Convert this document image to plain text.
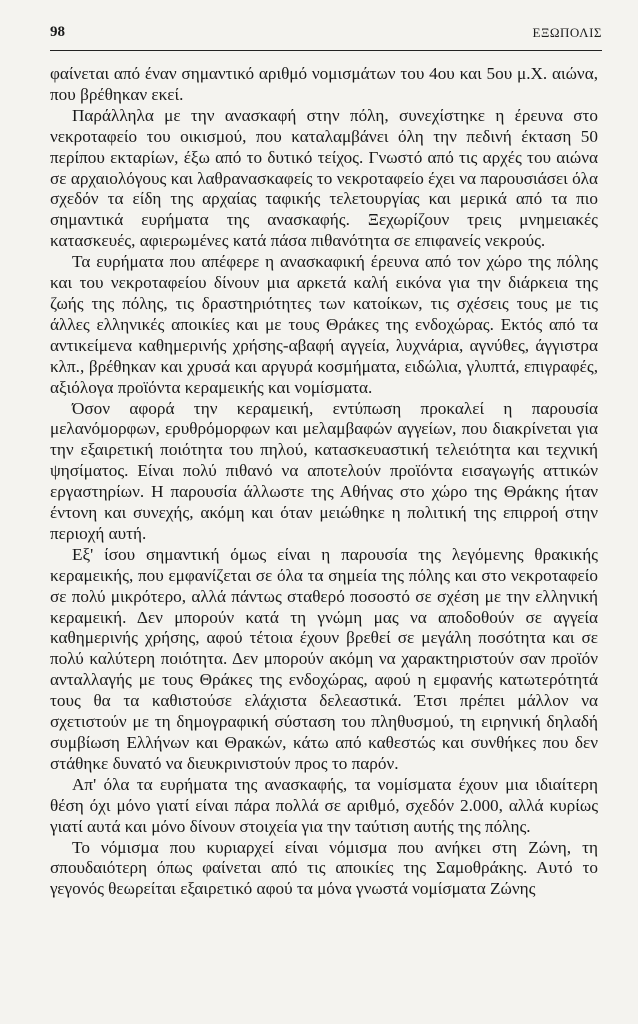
98	ΕΞΩΠΟΛΙΣ

φαίνεται από έναν σημαντικό αριθμό νομισμάτων του 4ου και 5ου μ.Χ. αιώνα, που βρέθηκαν εκεί.

Παράλληλα με την ανασκαφή στην πόλη, συνεχίστηκε η έρευνα στο νεκροταφείο του οικισμού, που καταλαμβάνει όλη την πεδινή έκταση 50 περίπου εκταρίων, έξω από το δυτικό τείχος. Γνωστό από τις αρχές του αιώνα σε αρχαιολόγους και λαθρανασκαφείς το νεκροταφείο έχει να παρουσιάσει όλα σχεδόν τα είδη της αρχαίας ταφικής τελετουργίας και μερικά από τα πιο σημαντικά ευρήματα της ανασκαφής. Ξεχωρίζουν τρεις μνημειακές κατασκευές, αφιερωμένες κατά πάσα πιθανότητα σε επιφανείς νεκρούς.

Τα ευρήματα που απέφερε η ανασκαφική έρευνα από τον χώρο της πόλης και του νεκροταφείου δίνουν μια αρκετά καλή εικόνα για την διάρκεια της ζωής της πόλης, τις δραστηριότητες των κατοίκων, τις σχέσεις τους με τις άλλες ελληνικές αποικίες και με τους Θράκες της ενδοχώρας. Εκτός από τα αντικείμενα καθημερινής χρήσης-αβαφή αγγεία, λυχνάρια, αγνύθες, άγγιστρα κλπ., βρέθηκαν και χρυσά και αργυρά κοσμήματα, ειδώλια, γλυπτά, επιγραφές, αξιόλογα προϊόντα κεραμεικής και νομίσματα.

Όσον αφορά την κεραμεική, εντύπωση προκαλεί η παρουσία μελανόμορφων, ερυθρόμορφων και μελαμβαφών αγγείων, που διακρίνεται για την εξαιρετική ποιότητα του πηλού, κατασκευαστική τελειότητα και τεχνική ψησίματος. Είναι πολύ πιθανό να αποτελούν προϊόντα εισαγωγής αττικών εργαστηρίων. Η παρουσία άλλωστε της Αθήνας στο χώρο της Θράκης ήταν έντονη και συνεχής, ακόμη και όταν μειώθηκε η πολιτική της επιρροή στην περιοχή αυτή.

Εξ' ίσου σημαντική όμως είναι η παρουσία της λεγόμενης θρακικής κεραμεικής, που εμφανίζεται σε όλα τα σημεία της πόλης και στο νεκροταφείο σε πολύ μικρότερο, αλλά πάντως σταθερό ποσοστό σε σχέση με την ελληνική κεραμεική. Δεν μπορούν κατά τη γνώμη μας να αποδοθούν σε αγγεία καθημερινής χρήσης, αφού τέτοια έχουν βρεθεί σε μεγάλη ποσότητα και σε πολύ καλύτερη ποιότητα. Δεν μπορούν ακόμη να χαρακτηριστούν σαν προϊόν ανταλλαγής με τους Θράκες της ενδοχώρας, αφού η εμφανής κατωτερότητά τους θα τα καθιστούσε ελάχιστα δελεαστικά. Έτσι πρέπει μάλλον να σχετιστούν με τη δημογραφική σύσταση του πληθυσμού, τη ειρηνική δηλαδή συμβίωση Ελλήνων και Θρακών, κάτω από καθεστώς και συνθήκες που δεν στάθηκε δυνατό να διευκρινιστούν προς το παρόν.

Απ' όλα τα ευρήματα της ανασκαφής, τα νομίσματα έχουν μια ιδιαίτερη θέση όχι μόνο γιατί είναι πάρα πολλά σε αριθμό, σχεδόν 2.000, αλλά κυρίως γιατί αυτά και μόνο δίνουν στοιχεία για την ταύτιση αυτής της πόλης.

Το νόμισμα που κυριαρχεί είναι νόμισμα που ανήκει στη Ζώνη, τη σπουδαιότερη όπως φαίνεται από τις αποικίες της Σαμοθράκης. Αυτό το γεγονός θεωρείται εξαιρετικό αφού τα μόνα γνωστά νομίσματα Ζώνης
